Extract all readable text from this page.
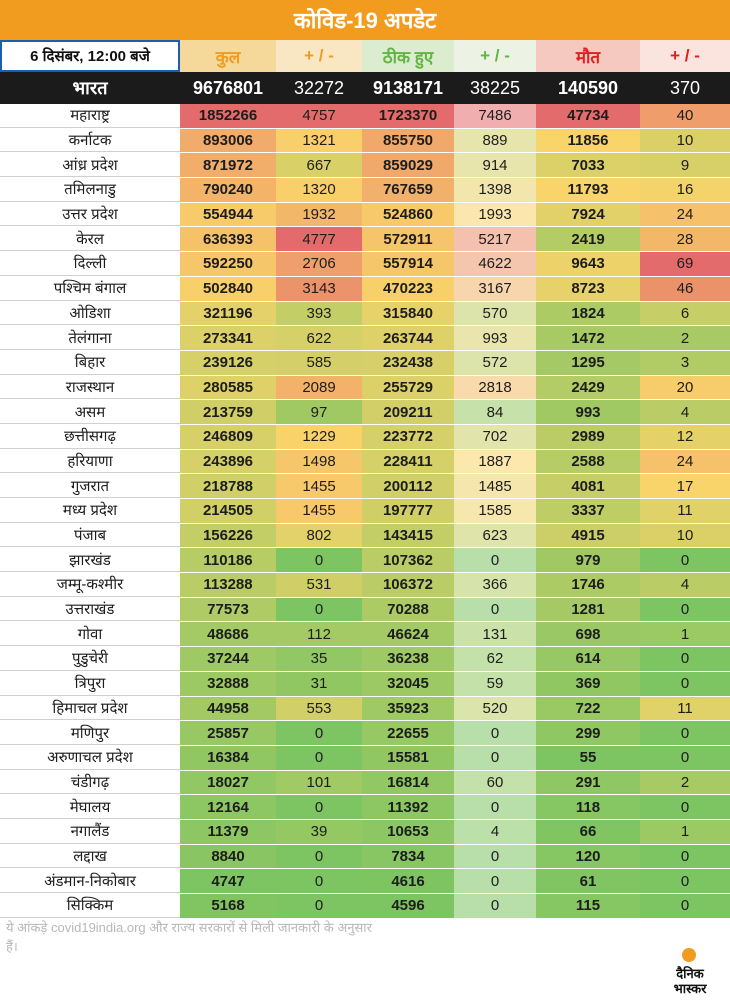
कोविड-19 अपडेट
6 दिसंबर, 12:00 बजे	कुल	+ / -	ठीक हुए	+ / -	मौत	+ / -
भारत	9676801	32272	9138171	38225	140590	370
महाराष्ट्र	1852266	4757	1723370	7486	47734	40
कर्नाटक	893006	1321	855750	889	11856	10
आंध्र प्रदेश	871972	667	859029	914	7033	9
तमिलनाडु	790240	1320	767659	1398	11793	16
उत्तर प्रदेश	554944	1932	524860	1993	7924	24
केरल	636393	4777	572911	5217	2419	28
दिल्ली	592250	2706	557914	4622	9643	69
पश्चिम बंगाल	502840	3143	470223	3167	8723	46
ओडिशा	321196	393	315840	570	1824	6
तेलंगाना	273341	622	263744	993	1472	2
बिहार	239126	585	232438	572	1295	3
राजस्थान	280585	2089	255729	2818	2429	20
असम	213759	97	209211	84	993	4
छत्तीसगढ़	246809	1229	223772	702	2989	12
हरियाणा	243896	1498	228411	1887	2588	24
गुजरात	218788	1455	200112	1485	4081	17
मध्य प्रदेश	214505	1455	197777	1585	3337	11
पंजाब	156226	802	143415	623	4915	10
झारखंड	110186	0	107362	0	979	0
जम्मू-कश्मीर	113288	531	106372	366	1746	4
उत्तराखंड	77573	0	70288	0	1281	0
गोवा	48686	112	46624	131	698	1
पुडुचेरी	37244	35	36238	62	614	0
त्रिपुरा	32888	31	32045	59	369	0
हिमाचल प्रदेश	44958	553	35923	520	722	11
मणिपुर	25857	0	22655	0	299	0
अरुणाचल प्रदेश	16384	0	15581	0	55	0
चंडीगढ़	18027	101	16814	60	291	2
मेघालय	12164	0	11392	0	118	0
नगालैंड	11379	39	10653	4	66	1
लद्दाख	8840	0	7834	0	120	0
अंडमान-निकोबार	4747	0	4616	0	61	0
सिक्किम	5168	0	4596	0	115	0
ये आंकड़े covid19india.org और राज्य सरकारों से मिली जानकारी के अनुसार हैं।
दैनिक
भास्कर
